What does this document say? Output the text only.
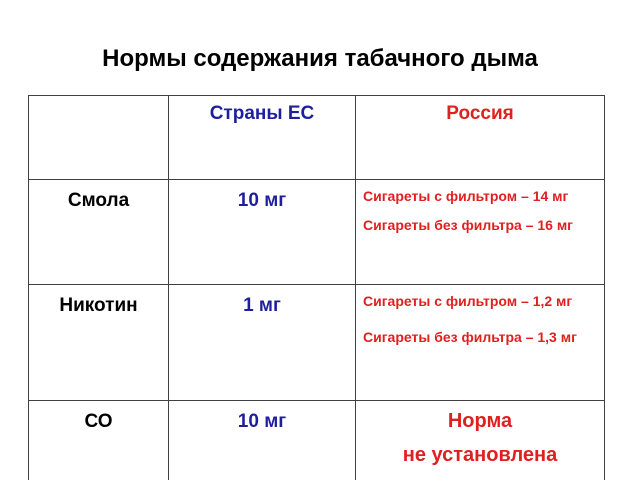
Нормы содержания табачного дыма
	Страны ЕС	Россия
Смола	10 мг	Сигареты с фильтром – 14 мг
Сигареты без фильтра – 16 мг

Никотин	1 мг	Сигареты с фильтром – 1,2 мг
Сигареты без фильтра – 1,3 мг

СО	10 мг	Норма
не установлена
